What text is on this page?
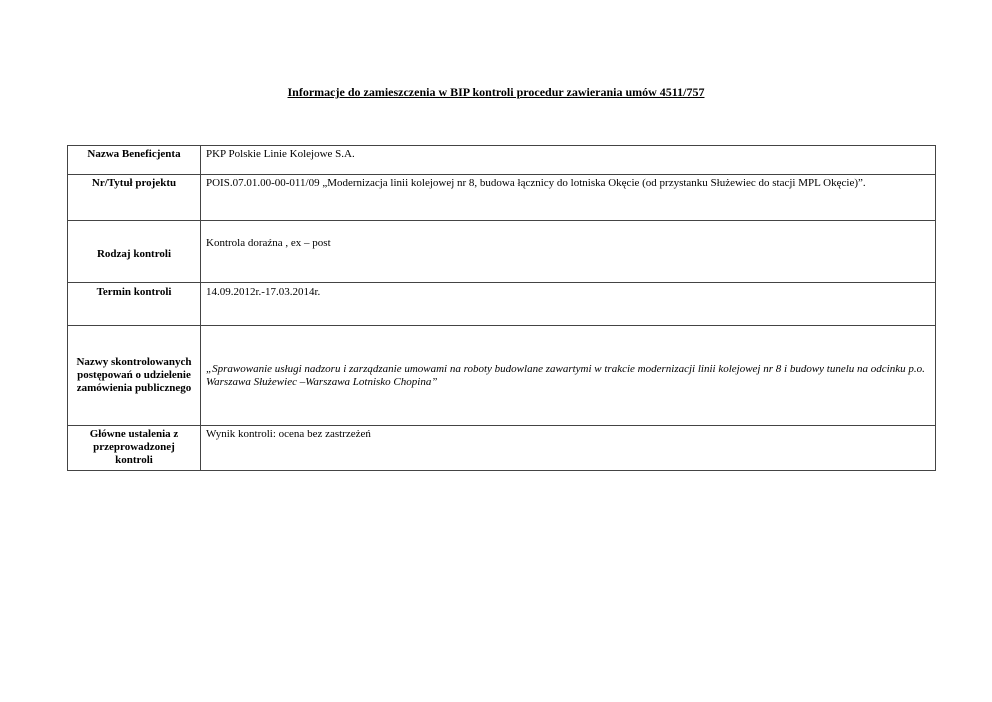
Informacje do zamieszczenia w BIP kontroli procedur zawierania umów 4511/757
Nazwa Beneficjenta	PKP Polskie Linie Kolejowe S.A.
Nr/Tytuł projektu	POIS.07.01.00-00-011/09 „Modernizacja linii kolejowej nr 8, budowa łącznicy do lotniska Okęcie (od przystanku Służewiec do stacji MPL Okęcie)”.
Rodzaj kontroli	Kontrola doraźna , ex – post
Termin kontroli	14.09.2012r.-17.03.2014r.
Nazwy skontrolowanych postępowań o udzielenie zamówienia publicznego	„Sprawowanie usługi nadzoru i zarządzanie umowami na roboty budowlane zawartymi w trakcie modernizacji linii kolejowej nr 8 i budowy tunelu na odcinku p.o. Warszawa Służewiec –Warszawa Lotnisko Chopina”
Główne ustalenia z przeprowadzonej kontroli	Wynik kontroli: ocena bez zastrzeżeń
